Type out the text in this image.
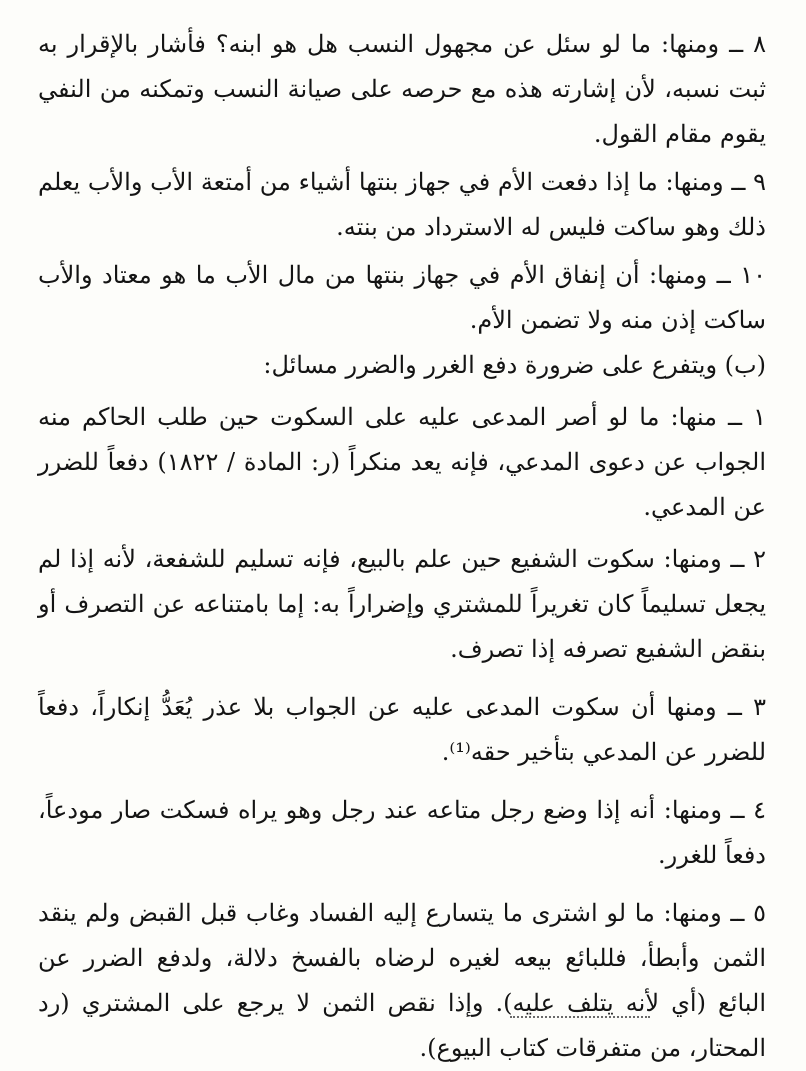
٨ ــ ومنها: ما لو سئل عن مجهول النسب هل هو ابنه؟ فأشار بالإقرار به ثبت نسبه، لأن إشارته هذه مع حرصه على صيانة النسب وتمكنه من النفي يقوم مقام القول.

٩ ــ ومنها: ما إذا دفعت الأم في جهاز بنتها أشياء من أمتعة الأب والأب يعلم ذلك وهو ساكت فليس له الاسترداد من بنته.

١٠ ــ ومنها: أن إنفاق الأم في جهاز بنتها من مال الأب ما هو معتاد والأب ساكت إذن منه ولا تضمن الأم.

(ب) ويتفرع على ضرورة دفع الغرر والضرر مسائل:

١ ــ منها: ما لو أصر المدعى عليه على السكوت حين طلب الحاكم منه الجواب عن دعوى المدعي، فإنه يعد منكراً (ر: المادة / ١٨٢٢) دفعاً للضرر عن المدعي.

٢ ــ ومنها: سكوت الشفيع حين علم بالبيع، فإنه تسليم للشفعة، لأنه إذا لم يجعل تسليماً كان تغريراً للمشتري وإضراراً به: إما بامتناعه عن التصرف أو بنقض الشفيع تصرفه إذا تصرف.

٣ ــ ومنها أن سكوت المدعى عليه عن الجواب بلا عذر يُعَدُّ إنكاراً، دفعاً للضرر عن المدعي بتأخير حقه⁽¹⁾.

٤ ــ ومنها: أنه إذا وضع رجل متاعه عند رجل وهو يراه فسكت صار مودعاً، دفعاً للغرر.

٥ ــ ومنها: ما لو اشترى ما يتسارع إليه الفساد وغاب قبل القبض ولم ينقد الثمن وأبطأ، فللبائع بيعه لغيره لرضاه بالفسخ دلالة، ولدفع الضرر عن البائع (أي لأنه يتلف عليه). وإذا نقص الثمن لا يرجع على المشتري (رد المحتار، من متفرقات كتاب البيوع).
